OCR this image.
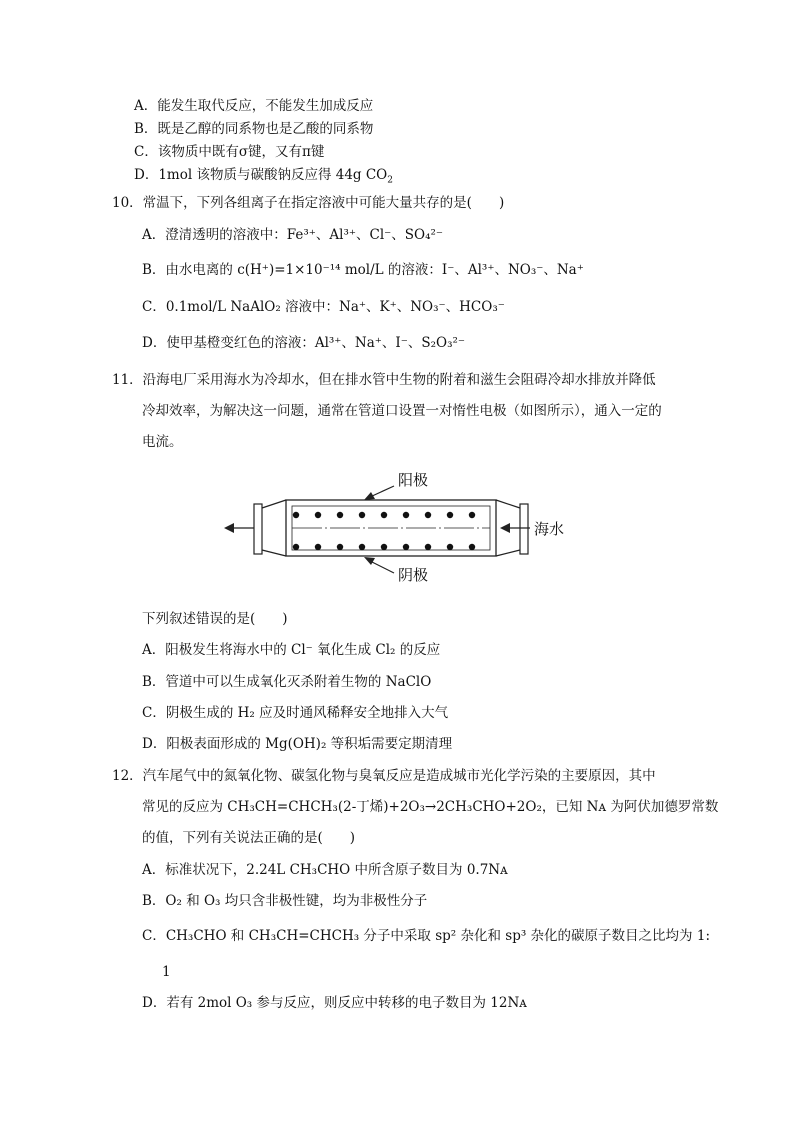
A．能发生取代反应，不能发生加成反应
B．既是乙醇的同系物也是乙酸的同系物
C．该物质中既有σ键，又有π键
D．1mol 该物质与碳酸钠反应得 44g $CO_2$
10．常温下，下列各组离子在指定溶液中可能大量共存的是(　　)
A．澄清透明的溶液中：Fe³⁺、Al³⁺、Cl⁻、SO₄²⁻
B．由水电离的 c(H⁺)=1×10⁻¹⁴ mol/L 的溶液：I⁻、Al³⁺、NO₃⁻、Na⁺
C．0.1mol/L NaAlO₂ 溶液中：Na⁺、K⁺、NO₃⁻、HCO₃⁻
D．使甲基橙变红色的溶液：Al³⁺、Na⁺、I⁻、S₂O₃²⁻
11．沿海电厂采用海水为冷却水，但在排水管中生物的附着和滋生会阻碍冷却水排放并降低
冷却效率，为解决这一问题，通常在管道口设置一对惰性电极（如图所示），通入一定的
电流。
阳极
阴极
海水
下列叙述错误的是(　　)
A．阳极发生将海水中的 Cl⁻ 氧化生成 Cl₂ 的反应
B．管道中可以生成氧化灭杀附着生物的 NaClO
C．阴极生成的 H₂ 应及时通风稀释安全地排入大气
D．阳极表面形成的 Mg(OH)₂ 等积垢需要定期清理
12．汽车尾气中的氮氧化物、碳氢化物与臭氧反应是造成城市光化学污染的主要原因，其中
常见的反应为 CH₃CH=CHCH₃(2-丁烯)+2O₃→2CH₃CHO+2O₂，已知 Nᴀ 为阿伏加德罗常数
的值，下列有关说法正确的是(　　)
A．标准状况下，2.24L CH₃CHO 中所含原子数目为 0.7Nᴀ
B．O₂ 和 O₃ 均只含非极性键，均为非极性分子
C．CH₃CHO 和 CH₃CH=CHCH₃ 分子中采取 sp² 杂化和 sp³ 杂化的碳原子数目之比均为 1:
1
D．若有 2mol O₃ 参与反应，则反应中转移的电子数目为 12Nᴀ
